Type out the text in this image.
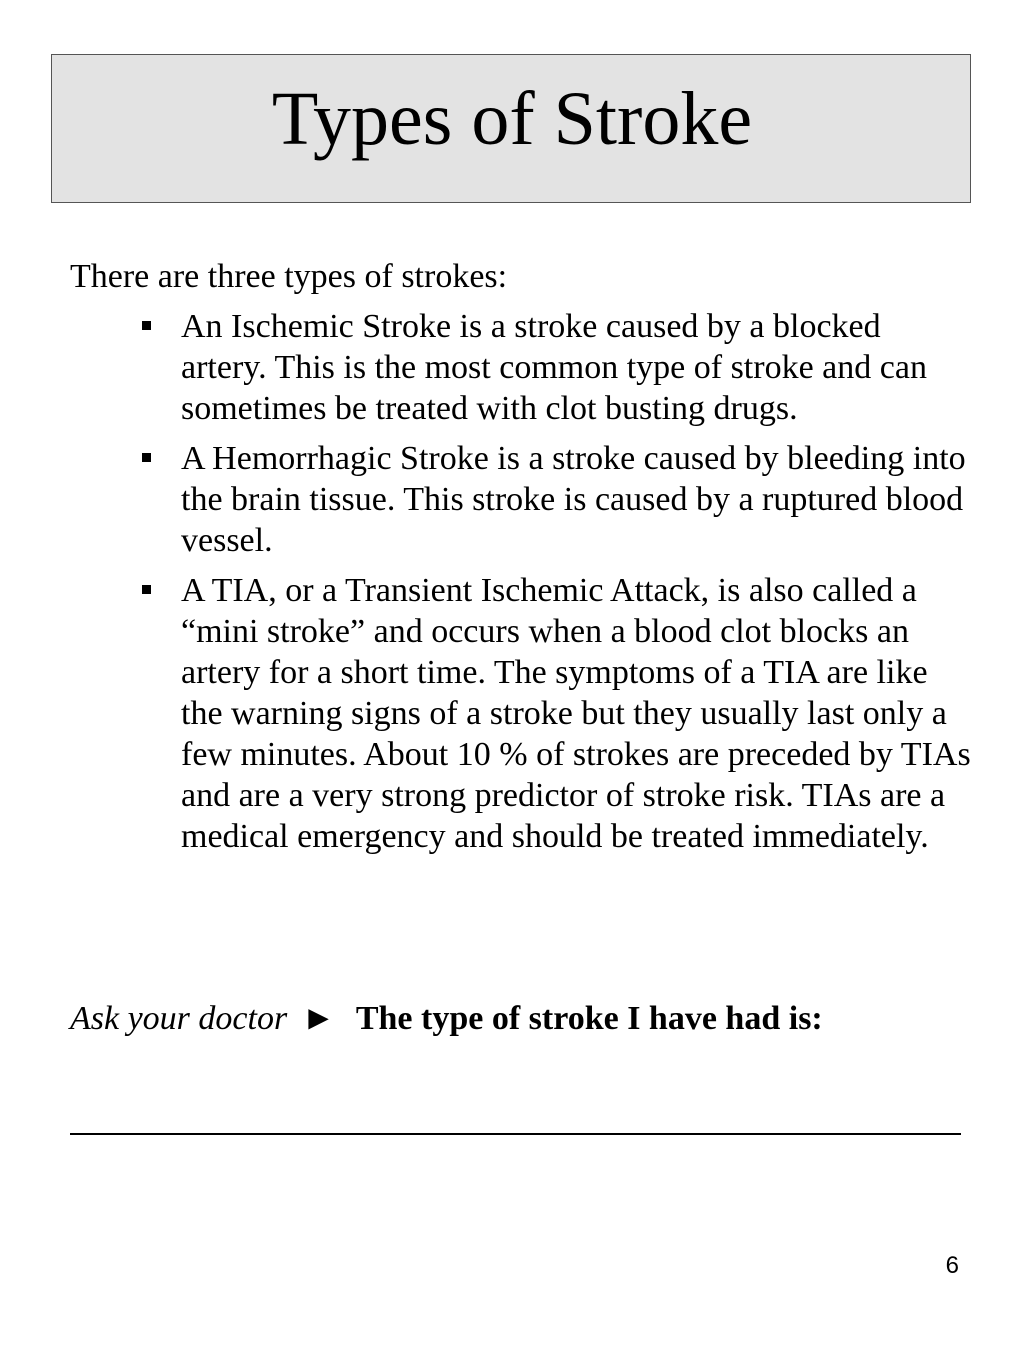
Types of Stroke

There are three types of strokes:

An Ischemic Stroke is a stroke caused by a blocked artery. This is the most common type of stroke and can sometimes be treated with clot busting drugs.
A Hemorrhagic Stroke is a stroke caused by bleeding into the brain tissue. This stroke is caused by a ruptured blood vessel.
A TIA, or a Transient Ischemic Attack, is also called a “mini stroke” and occurs when a blood clot blocks an artery for a short time. The symptoms of a TIA are like the warning signs of a stroke but they usually last only a few minutes. About 10 % of strokes are preceded by TIAs and are a very strong predictor of stroke risk. TIAs are a medical emergency and should be treated immediately.

Ask your doctor ► The type of stroke I have had is:

6
